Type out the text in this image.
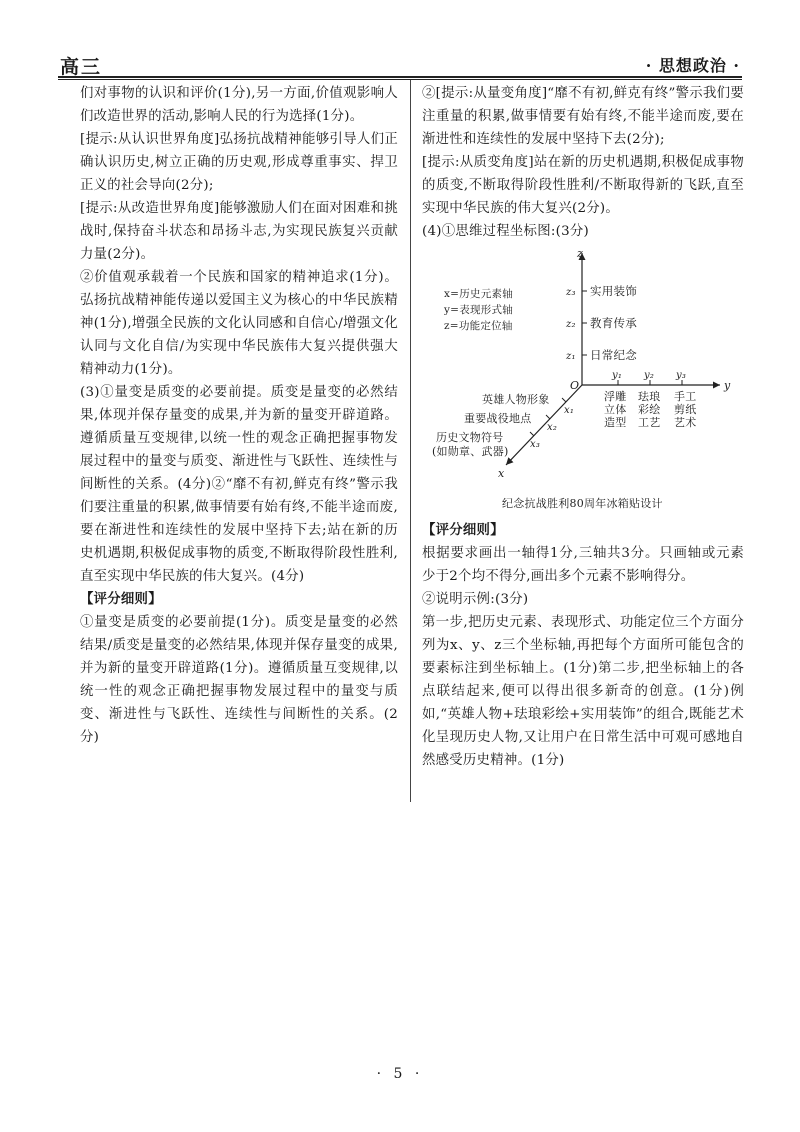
高三	· 思想政治 ·

们对事物的认识和评价(1分),另一方面,价值观影响人们改造世界的活动,影响人民的行为选择(1分)。

[提示:从认识世界角度]弘扬抗战精神能够引导人们正确认识历史,树立正确的历史观,形成尊重事实、捍卫正义的社会导向(2分);

[提示:从改造世界角度]能够激励人们在面对困难和挑战时,保持奋斗状态和昂扬斗志,为实现民族复兴贡献力量(2分)。

②价值观承载着一个民族和国家的精神追求(1分)。弘扬抗战精神能传递以爱国主义为核心的中华民族精神(1分),增强全民族的文化认同感和自信心/增强文化认同与文化自信/为实现中华民族伟大复兴提供强大精神动力(1分)。

(3)①量变是质变的必要前提。质变是量变的必然结果,体现并保存量变的成果,并为新的量变开辟道路。遵循质量互变规律,以统一性的观念正确把握事物发展过程中的量变与质变、渐进性与飞跃性、连续性与间断性的关系。(4分)②“靡不有初,鲜克有终”警示我们要注重量的积累,做事情要有始有终,不能半途而废,要在渐进性和连续性的发展中坚持下去;站在新的历史机遇期,积极促成事物的质变,不断取得阶段性胜利,直至实现中华民族的伟大复兴。(4分)

【评分细则】

①量变是质变的必要前提(1分)。质变是量变的必然结果/质变是量变的必然结果,体现并保存量变的成果,并为新的量变开辟道路(1分)。遵循质量互变规律,以统一性的观念正确把握事物发展过程中的量变与质变、渐进性与飞跃性、连续性与间断性的关系。(2分)

②[提示:从量变角度]“靡不有初,鲜克有终”警示我们要注重量的积累,做事情要有始有终,不能半途而废,要在渐进性和连续性的发展中坚持下去(2分);

[提示:从质变角度]站在新的历史机遇期,积极促成事物的质变,不断取得阶段性胜利/不断取得新的飞跃,直至实现中华民族的伟大复兴(2分)。

(4)①思维过程坐标图:(3分)

z
y
x
O
x=历史元素轴
y=表现形式轴
z=功能定位轴
z₁
z₂
z₃
日常纪念
教育传承
实用装饰
y₁ y₂ y₃
浮雕
立体
造型
珐琅
彩绘
工艺
手工
剪纸
艺术
x₁
x₂
x₃
英雄人物形象
重要战役地点
历史文物符号
(如勋章、武器)
纪念抗战胜利80周年冰箱贴设计

【评分细则】

根据要求画出一轴得1分,三轴共3分。只画轴或元素少于2个均不得分,画出多个元素不影响得分。

②说明示例:(3分)

第一步,把历史元素、表现形式、功能定位三个方面分列为x、y、z三个坐标轴,再把每个方面所可能包含的要素标注到坐标轴上。(1分)第二步,把坐标轴上的各点联结起来,便可以得出很多新奇的创意。(1分)例如,“英雄人物+珐琅彩绘+实用装饰”的组合,既能艺术化呈现历史人物,又让用户在日常生活中可观可感地自然感受历史精神。(1分)

· 5 ·
